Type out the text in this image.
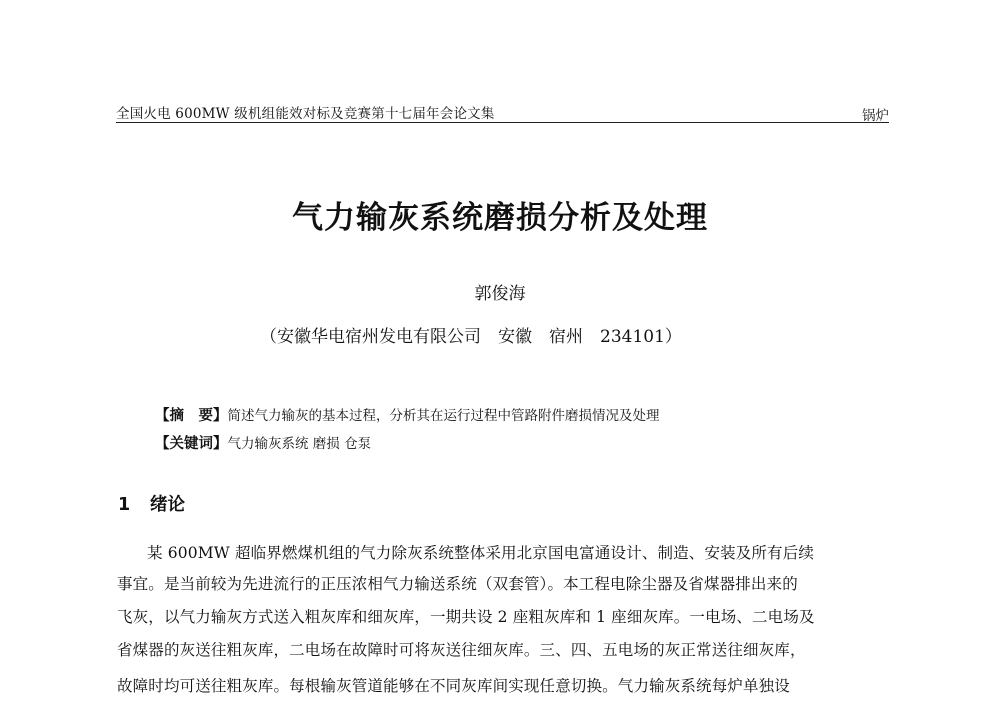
全国火电 600MW 级机组能效对标及竞赛第十七届年会论文集	锅炉
气力输灰系统磨损分析及处理
郭俊海
（安徽华电宿州发电有限公司　安徽　宿州　234101）
【摘　要】简述气力输灰的基本过程，分析其在运行过程中管路附件磨损情况及处理
【关键词】气力输灰系统 磨损 仓泵
1 绪论
某 600MW 超临界燃煤机组的气力除灰系统整体采用北京国电富通设计、制造、安装及所有后续
事宜。是当前较为先进流行的正压浓相气力输送系统（双套管）。本工程电除尘器及省煤器排出来的
飞灰，以气力输灰方式送入粗灰库和细灰库，一期共设 2 座粗灰库和 1 座细灰库。一电场、二电场及
省煤器的灰送往粗灰库，二电场在故障时可将灰送往细灰库。三、四、五电场的灰正常送往细灰库，
故障时均可送往粗灰库。每根输灰管道能够在不同灰库间实现任意切换。气力输灰系统每炉单独设
